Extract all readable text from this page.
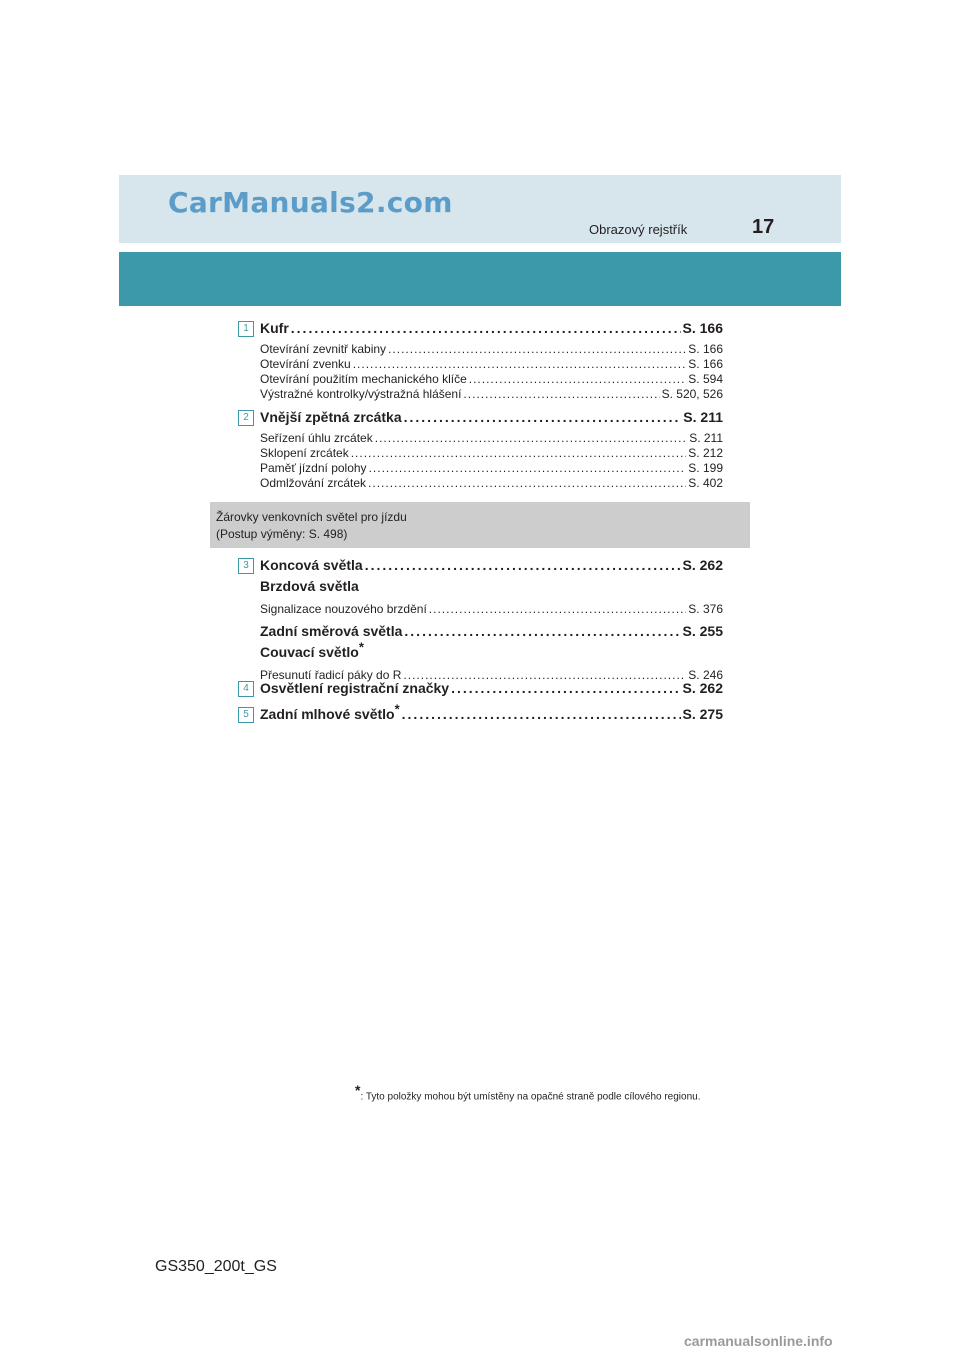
CarManuals2.com
Obrazový rejstřík	17
1 Kufr .....	S. 166
Otevírání zevnitř kabiny .....	S. 166
Otevírání zvenku .....	S. 166
Otevírání použitím mechanického klíče .....	S. 594
Výstražné kontrolky/výstražná hlášení .....	S. 520, 526
2 Vnější zpětná zrcátka .....	S. 211
Seřízení úhlu zrcátek .....	S. 211
Sklopení zrcátek .....	S. 212
Paměť jízdní polohy .....	S. 199
Odmlžování zrcátek .....	S. 402
Žárovky venkovních světel pro jízdu
(Postup výměny: S. 498)
3 Koncová světla .....	S. 262
Brzdová světla
Signalizace nouzového brzdění .....	S. 376
Zadní směrová světla .....	S. 255
Couvací světlo*
Přesunutí řadicí páky do R .....	S. 246
4 Osvětlení registrační značky .....	S. 262
5 Zadní mlhové světlo* .....	S. 275
*: Tyto položky mohou být umístěny na opačné straně podle cílového regionu.
GS350_200t_GS
carmanualsonline.info
